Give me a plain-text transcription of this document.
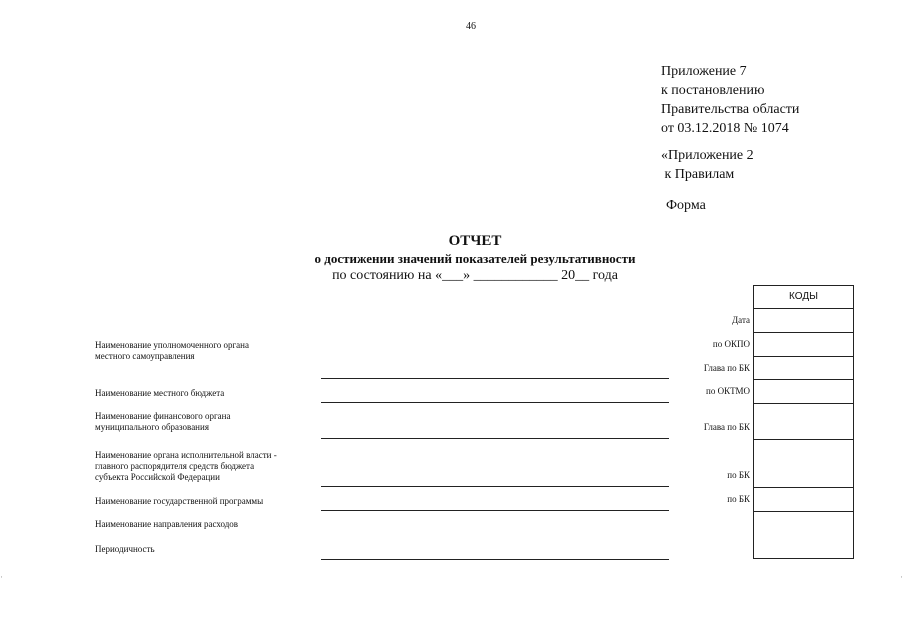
46
Приложение 7
к постановлению
Правительства области
от 03.12.2018 № 1074
«Приложение 2
к Правилам
Форма
ОТЧЕТ
о достижении значений показателей результативности
по состоянию на «___» ____________ 20__ года
Наименование уполномоченного органа
местного самоуправления
Наименование местного бюджета
Наименование финансового органа
муниципального образования
Наименование органа исполнительной власти -
главного распорядителя средств бюджета
субъекта Российской Федерации
Наименование государственной программы
Наименование направления расходов
Периодичность
Дата
по ОКПО
Глава по БК
по ОКТМО
Глава по БК
по БК
по БК
КОДЫ
·	·
